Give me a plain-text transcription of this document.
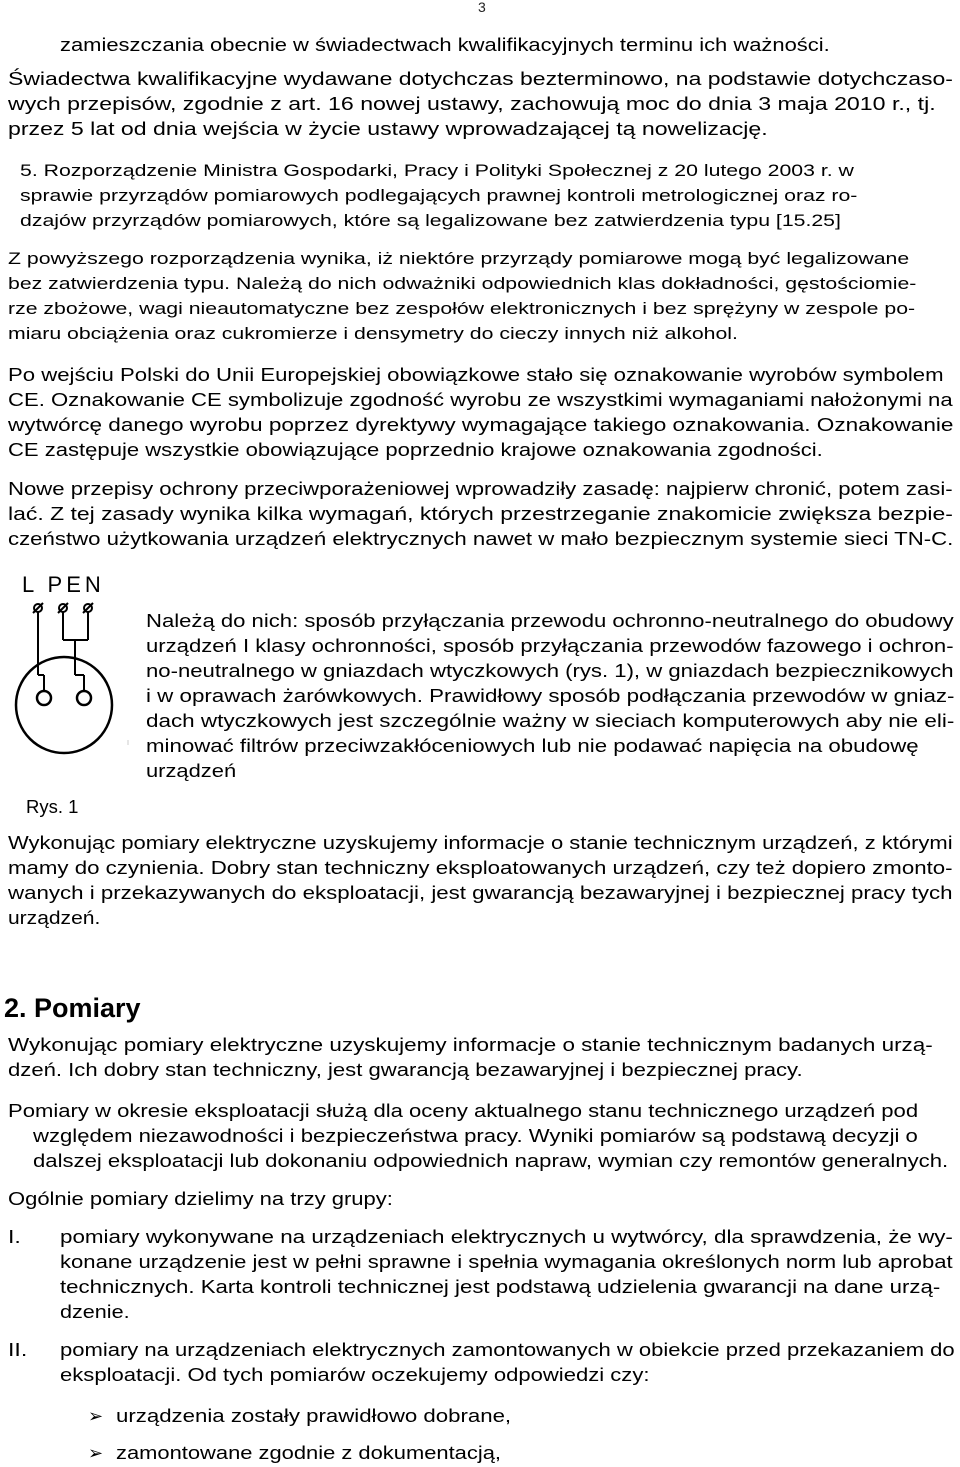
3
zamieszczania obecnie w świadectwach kwalifikacyjnych terminu ich ważności.
Świadectwa kwalifikacyjne wydawane dotychczas bezterminowo, na podstawie dotychczaso-
wych przepisów, zgodnie z art. 16 nowej ustawy, zachowują moc do dnia 3 maja 2010 r., tj.
przez 5 lat od dnia wejścia w życie ustawy wprowadzającej tą nowelizację.
5. Rozporządzenie Ministra Gospodarki, Pracy i Polityki Społecznej z 20 lutego 2003 r. w
sprawie przyrządów pomiarowych podlegających prawnej kontroli metrologicznej oraz ro-
dzajów przyrządów pomiarowych, które są legalizowane bez zatwierdzenia typu [15.25]
Z powyższego rozporządzenia wynika, iż niektóre przyrządy pomiarowe mogą być legalizowane
bez zatwierdzenia typu. Należą do nich odważniki odpowiednich klas dokładności, gęstościomie-
rze zbożowe, wagi nieautomatyczne bez zespołów elektronicznych i bez sprężyny w zespole po-
miaru obciążenia oraz cukromierze i densymetry do cieczy innych niż alkohol.
Po wejściu Polski do Unii Europejskiej obowiązkowe stało się oznakowanie wyrobów symbolem
CE. Oznakowanie CE symbolizuje zgodność wyrobu ze wszystkimi wymaganiami nałożonymi na
wytwórcę danego wyrobu poprzez dyrektywy wymagające takiego oznakowania. Oznakowanie
CE zastępuje wszystkie obowiązujące poprzednio krajowe oznakowania zgodności.
Nowe przepisy ochrony przeciwporażeniowej wprowadziły zasadę: najpierw chronić, potem zasi-
lać. Z tej zasady wynika kilka wymagań, których przestrzeganie znakomicie zwiększa bezpie-
czeństwo użytkowania urządzeń elektrycznych nawet w mało bezpiecznym systemie sieci TN-C.
Należą do nich: sposób przyłączania przewodu ochronno-neutralnego do obudowy
urządzeń I klasy ochronności, sposób przyłączania przewodów fazowego i ochron-
no-neutralnego w gniazdach wtyczkowych (rys. 1), w gniazdach bezpiecznikowych
i w oprawach żarówkowych. Prawidłowy sposób podłączania przewodów w gniaz-
dach wtyczkowych jest szczególnie ważny w sieciach komputerowych aby nie eli-
minować filtrów przeciwzakłóceniowych lub nie podawać napięcia na obudowę
urządzeń
Wykonując pomiary elektryczne uzyskujemy informacje o stanie technicznym urządzeń, z którymi
mamy do czynienia. Dobry stan techniczny eksploatowanych urządzeń, czy też dopiero zmonto-
wanych i przekazywanych do eksploatacji, jest gwarancją bezawaryjnej i bezpiecznej pracy tych
urządzeń.
Wykonując pomiary elektryczne uzyskujemy informacje o stanie technicznym badanych urzą-
dzeń. Ich dobry stan techniczny, jest gwarancją bezawaryjnej i bezpiecznej pracy.
Pomiary w okresie eksploatacji służą dla oceny aktualnego stanu technicznego urządzeń pod
względem niezawodności i bezpieczeństwa pracy. Wyniki pomiarów są podstawą decyzji o
dalszej eksploatacji lub dokonaniu odpowiednich napraw, wymian czy remontów generalnych.
Ogólnie pomiary dzielimy na trzy grupy:
I. pomiary wykonywane na urządzeniach elektrycznych u wytwórcy, dla sprawdzenia, że wy-
konane urządzenie jest w pełni sprawne i spełnia wymagania określonych norm lub aprobat
technicznych. Karta kontroli technicznej jest podstawą udzielenia gwarancji na dane urzą-
dzenie.
II. pomiary na urządzeniach elektrycznych zamontowanych w obiekcie przed przekazaniem do
eksploatacji. Od tych pomiarów oczekujemy odpowiedzi czy:
urządzenia zostały prawidłowo dobrane,
zamontowane zgodnie z dokumentacją,
2. Pomiary
L PEN
Rys. 1
➢
➢
